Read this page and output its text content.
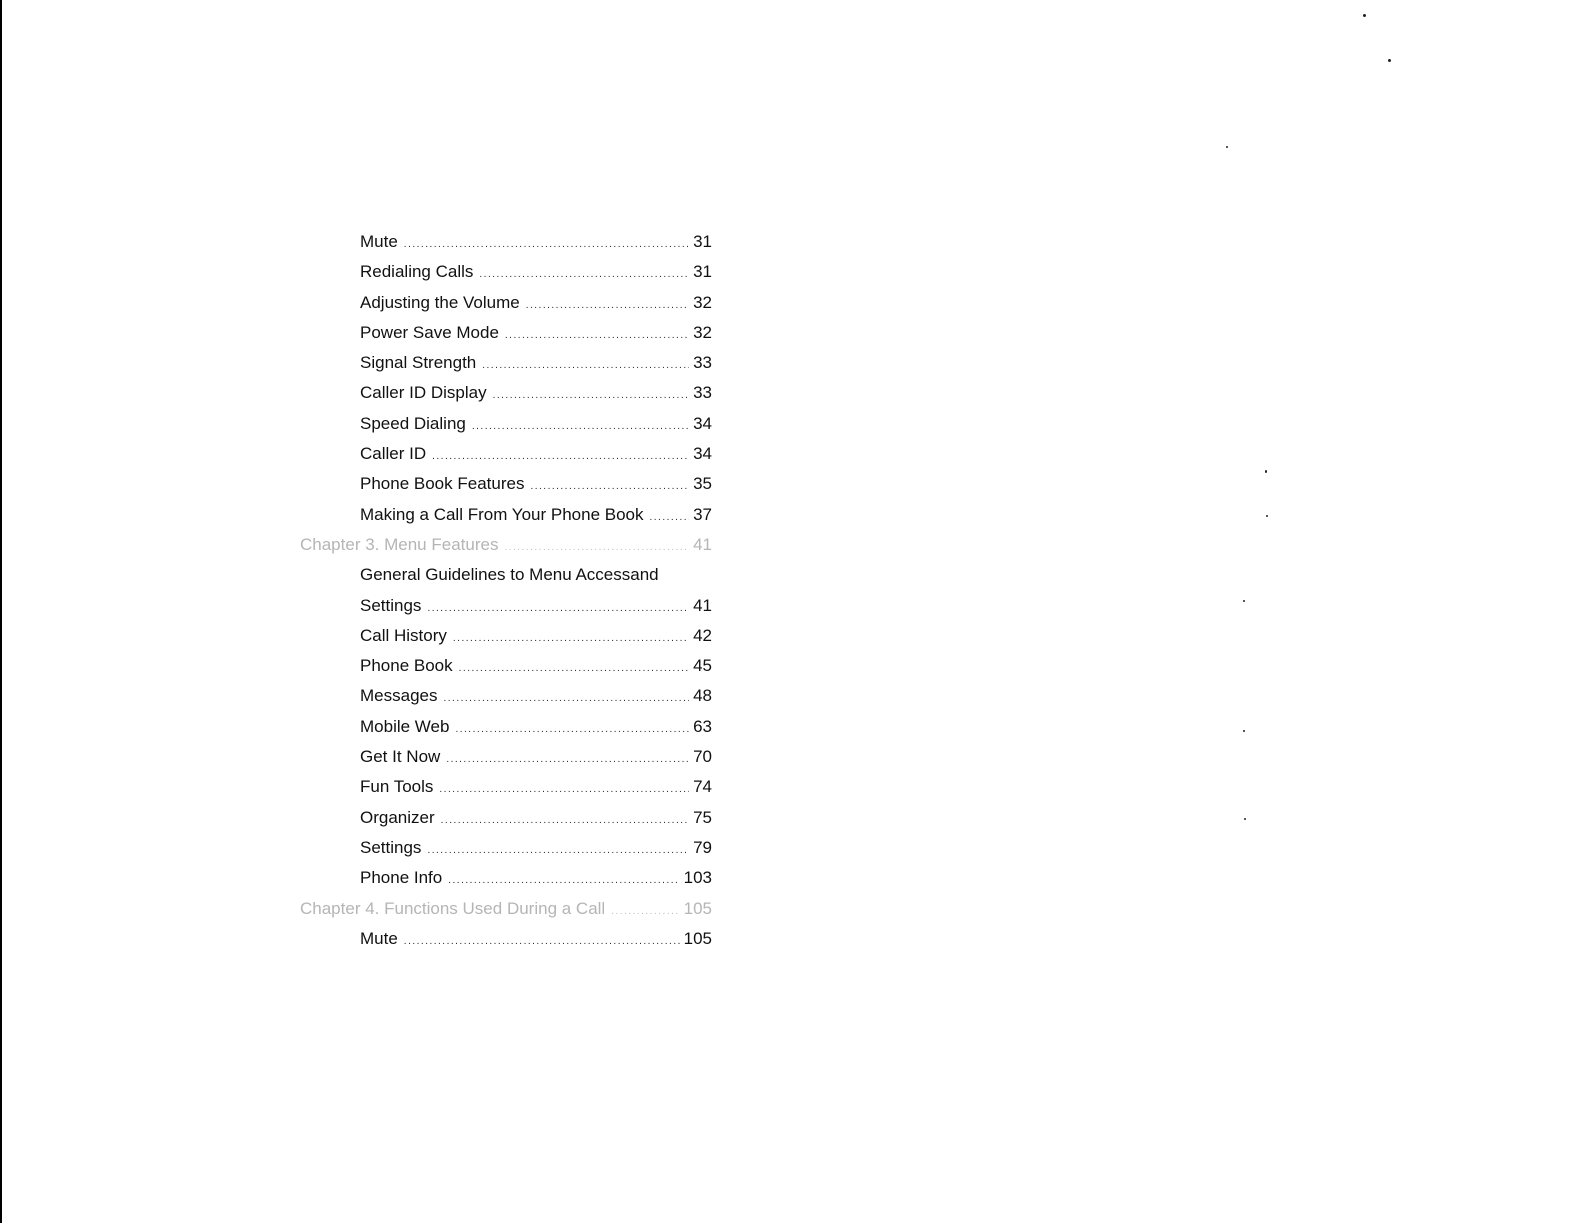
Mute .....	31
Redialing Calls .....	31
Adjusting the Volume .....	32
Power Save Mode .....	32
Signal Strength .....	33
Caller ID Display .....	33
Speed Dialing .....	34
Caller ID .....	34
Phone Book Features .....	35
Making a Call From Your Phone Book .....	37
Chapter 3. Menu Features .....	41
General Guidelines to Menu Accessand
Settings .....	41
Call History .....	42
Phone Book .....	45
Messages .....	48
Mobile Web .....	63
Get It Now .....	70
Fun Tools .....	74
Organizer .....	75
Settings .....	79
Phone Info .....	103
Chapter 4. Functions Used During a Call .....	105
Mute .....	105
